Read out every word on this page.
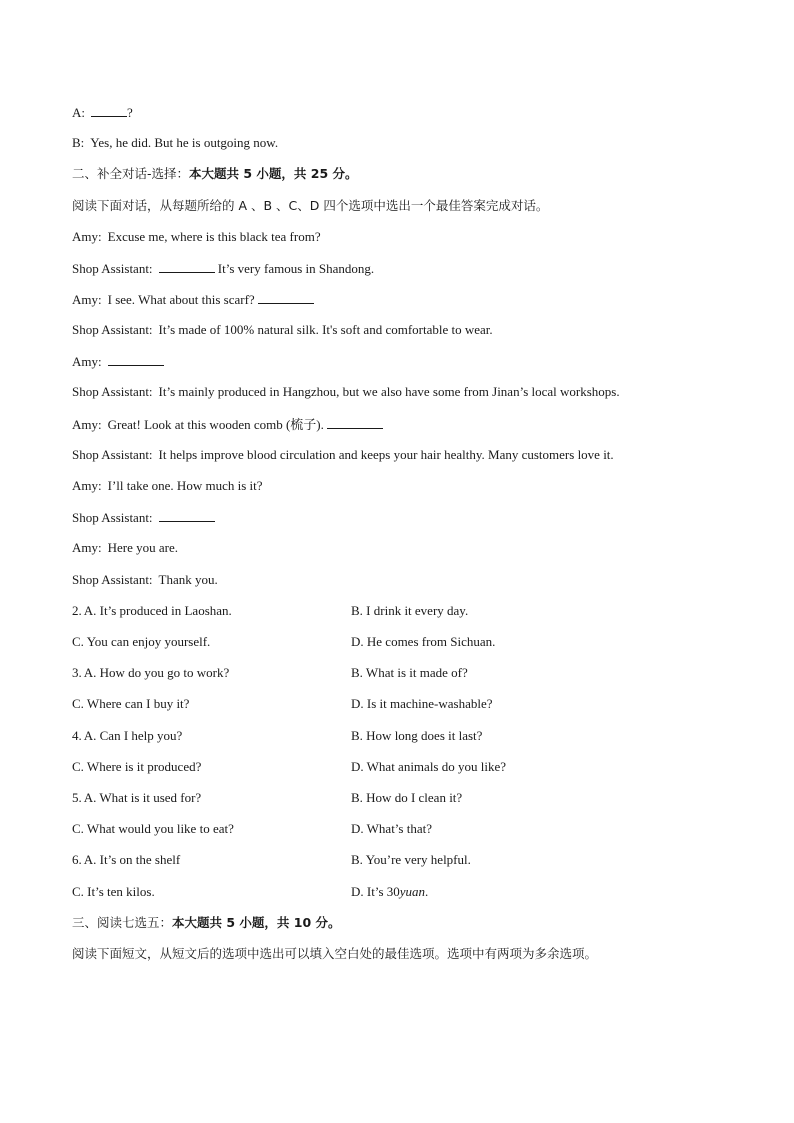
A:	?
B: Yes, he did. But he is outgoing now.
二、补全对话-选择：本大题共 5 小题，共 25 分。
阅读下面对话，从每题所给的 A 、B 、C、D 四个选项中选出一个最佳答案完成对话。
Amy: Excuse me, where is this black tea from?
Shop Assistant:	It’s very famous in Shandong.
Amy: I see. What about this scarf?
Shop Assistant: It’s made of 100% natural silk. It's soft and comfortable to wear.
Amy:
Shop Assistant: It’s mainly produced in Hangzhou, but we also have some from Jinan’s local workshops.
Amy: Great! Look at this wooden comb (梳子).
Shop Assistant: It helps improve blood circulation and keeps your hair healthy. Many customers love it.
Amy: I’ll take one. How much is it?
Shop Assistant:
Amy: Here you are.
Shop Assistant: Thank you.
2. A. It’s produced in Laoshan.	B. I drink it every day.
C. You can enjoy yourself.	D. He comes from Sichuan.
3. A. How do you go to work?	B. What is it made of?
C. Where can I buy it?	D. Is it machine-washable?
4. A. Can I help you?	B. How long does it last?
C. Where is it produced?	D. What animals do you like?
5. A. What is it used for?	B. How do I clean it?
C. What would you like to eat?	D. What’s that?
6. A. It’s on the shelf	B. You’re very helpful.
C. It’s ten kilos.	D. It’s 30yuan.
三、阅读七选五：本大题共 5 小题，共 10 分。
阅读下面短文，从短文后的选项中选出可以填入空白处的最佳选项。选项中有两项为多余选项。
